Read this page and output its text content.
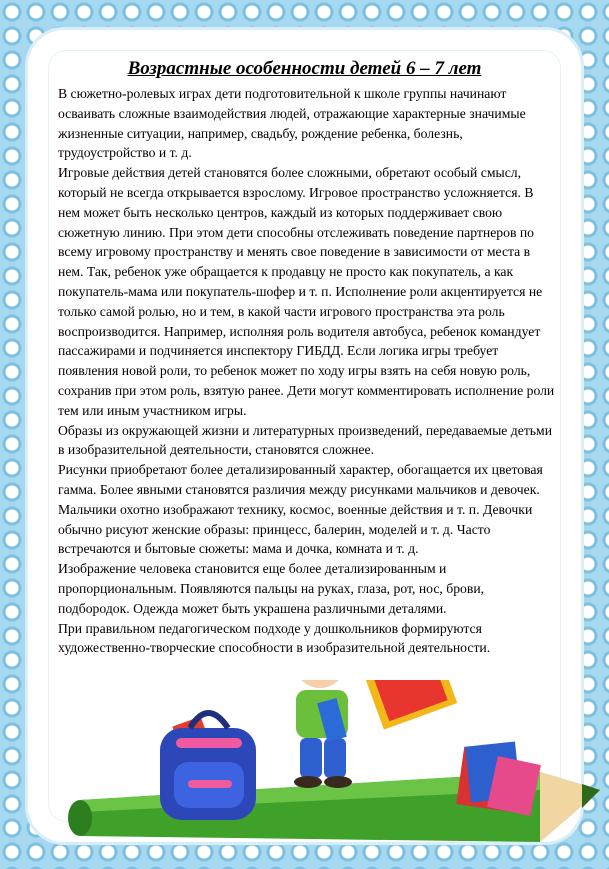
Возрастные особенности детей 6 – 7 лет

В сюжетно-ролевых играх дети подготовительной к школе группы начинают осваивать сложные взаимодействия людей, отражающие характерные значимые жизненные ситуации, например, свадьбу, рождение ребенка, болезнь, трудоустройство и т. д.

Игровые действия детей становятся более сложными, обретают особый смысл, который не всегда открывается взрослому. Игровое пространство усложняется. В нем может быть несколько центров, каждый из которых поддерживает свою сюжетную линию. При этом дети способны отслеживать поведение партнеров по всему игровому пространству и менять свое поведение в зависимости от места в нем. Так, ребенок уже обращается к продавцу не просто как покупатель, а как покупатель-мама или покупатель-шофер и т. п. Исполнение роли акцентируется не только самой ролью, но и тем, в какой части игрового пространства эта роль воспроизводится. Например, исполняя роль водителя автобуса, ребенок командует пассажирами и подчиняется инспектору ГИБДД. Если логика игры требует появления новой роли, то ребенок может по ходу игры взять на себя новую роль, сохранив при этом роль, взятую ранее. Дети могут комментировать исполнение роли тем или иным участником игры.

Образы из окружающей жизни и литературных произведений, передаваемые детьми в изобразительной деятельности, становятся сложнее.

Рисунки приобретают более детализированный характер, обогащается их цветовая гамма. Более явными становятся различия между рисунками мальчиков и девочек. Мальчики охотно изображают технику, космос, военные действия и т. п. Девочки обычно рисуют женские образы: принцесс, балерин, моделей и т. д. Часто встречаются и бытовые сюжеты: мама и дочка, комната и т. д.

Изображение человека становится еще более детализированным и пропорциональным. Появляются пальцы на руках, глаза, рот, нос, брови, подбородок. Одежда может быть украшена различными деталями.

При правильном педагогическом подходе у дошкольников формируются художественно-творческие способности в изобразительной деятельности.
